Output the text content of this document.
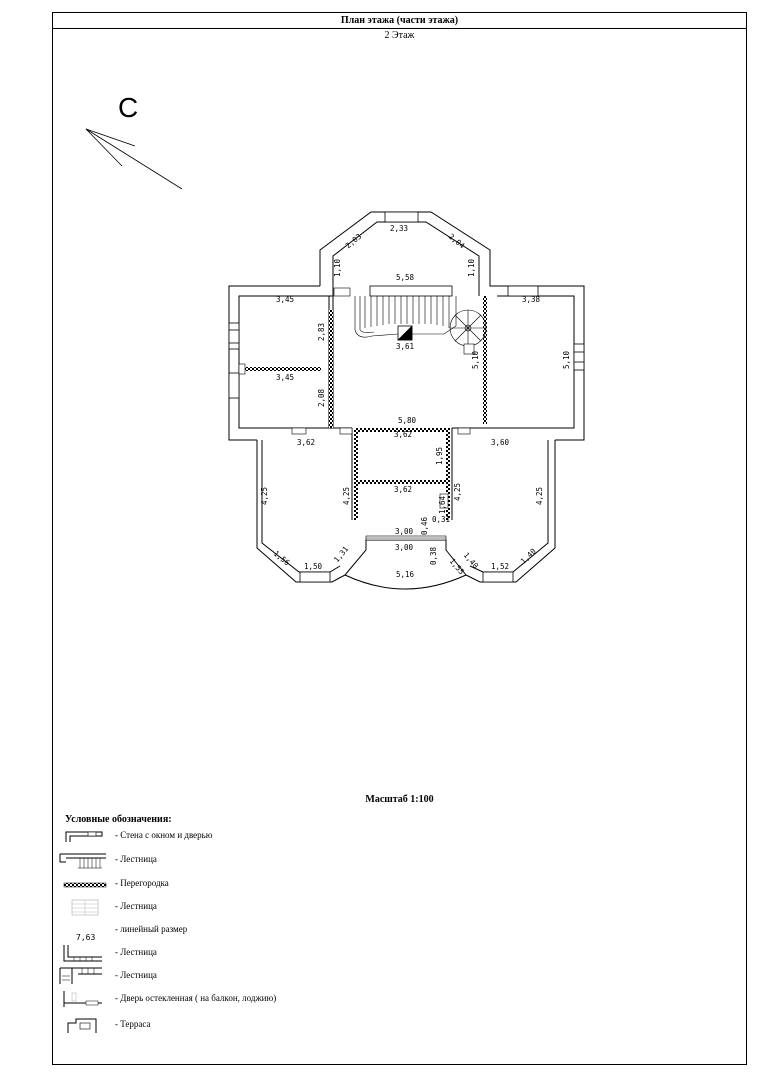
План этажа (части этажа)
2 Этаж
С
2,33
2,03	2,04
1,10	1,10
5,58
3,45
2,83
3,45
2,08
3,61
5,10
3,38
5,10
5,80
3,62
3,62
3,60
1,95
3,62
4,25	4,25	4,25	4,25
0,46
1,64
0,31
3,00
3,00 0,38
1,56 1,50
1,31	1,40
1,55	1,52
1,40
5,16
Масштаб 1:100
Условные обозначения:
- Стена с окном и дверью
- Лестница
- Перегородка
- Лестница
7,63
- линейный размер
- Лестница
- Лестница
- Дверь остекленная ( на балкон, лоджию)
- Терраса
